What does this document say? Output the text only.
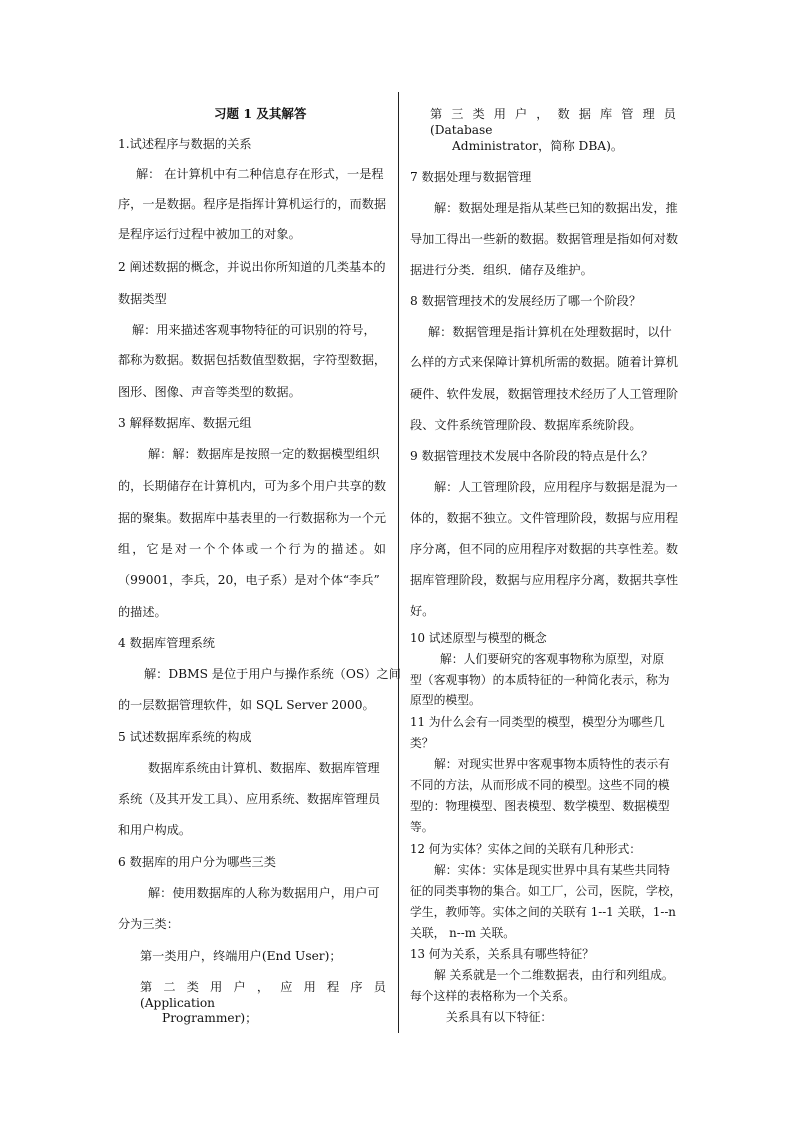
习题 1 及其解答
1.试述程序与数据的关系
解： 在计算机中有二种信息存在形式，一是程
序，一是数据。程序是指挥计算机运行的，而数据
是程序运行过程中被加工的对象。
2 阐述数据的概念，并说出你所知道的几类基本的
数据类型
解：用来描述客观事物特征的可识别的符号，
都称为数据。数据包括数值型数据，字符型数据，
图形、图像、声音等类型的数据。
3 解释数据库、数据元组
解：解：数据库是按照一定的数据模型组织
的，长期储存在计算机内，可为多个用户共享的数
据的聚集。数据库中基表里的一行数据称为一个元
组，它是对一个个体或一个行为的描述。如
（99001，李兵，20，电子系）是对个体“李兵”
的描述。
4 数据库管理系统
解：DBMS 是位于用户与操作系统（OS）之间
的一层数据管理软件，如 SQL Server 2000。
5 试述数据库系统的构成
数据库系统由计算机、数据库、数据库管理
系统（及其开发工具）、应用系统、数据库管理员
和用户构成。
6 数据库的用户分为哪些三类
解：使用数据库的人称为数据用户，用户可
分为三类：
第一类用户，终端用户(End User)；
第 二 类 用 户 ， 应 用 程 序 员 (Application
Programmer)；
第 三 类 用 户 ， 数 据 库 管 理 员 (Database
Administrator，简称 DBA)。
7 数据处理与数据管理
解：数据处理是指从某些已知的数据出发，推
导加工得出一些新的数据。数据管理是指如何对数
据进行分类．组织．储存及维护。
8 数据管理技术的发展经历了哪一个阶段？
解：数据管理是指计算机在处理数据时，以什
么样的方式来保障计算机所需的数据。随着计算机
硬件、软件发展，数据管理技术经历了人工管理阶
段、文件系统管理阶段、数据库系统阶段。
9 数据管理技术发展中各阶段的特点是什么？
解：人工管理阶段，应用程序与数据是混为一
体的，数据不独立。文件管理阶段，数据与应用程
序分离，但不同的应用程序对数据的共享性差。数
据库管理阶段，数据与应用程序分离，数据共享性
好。
10 试述原型与模型的概念
解：人们要研究的客观事物称为原型，对原
型（客观事物）的本质特征的一种简化表示，称为
原型的模型。
11 为什么会有一同类型的模型，模型分为哪些几
类？
解：对现实世界中客观事物本质特性的表示有
不同的方法，从而形成不同的模型。这些不同的模
型的：物理模型、图表模型、数学模型、数据模型
等。
12 何为实体？实体之间的关联有几种形式：
解：实体：实体是现实世界中具有某些共同特
征的同类事物的集合。如工厂，公司，医院，学校，
学生，教师等。实体之间的关联有 1--1 关联，1--n
关联， n--m 关联。
13 何为关系，关系具有哪些特征？
解 关系就是一个二维数据表，由行和列组成。
每个这样的表格称为一个关系。
关系具有以下特征：
